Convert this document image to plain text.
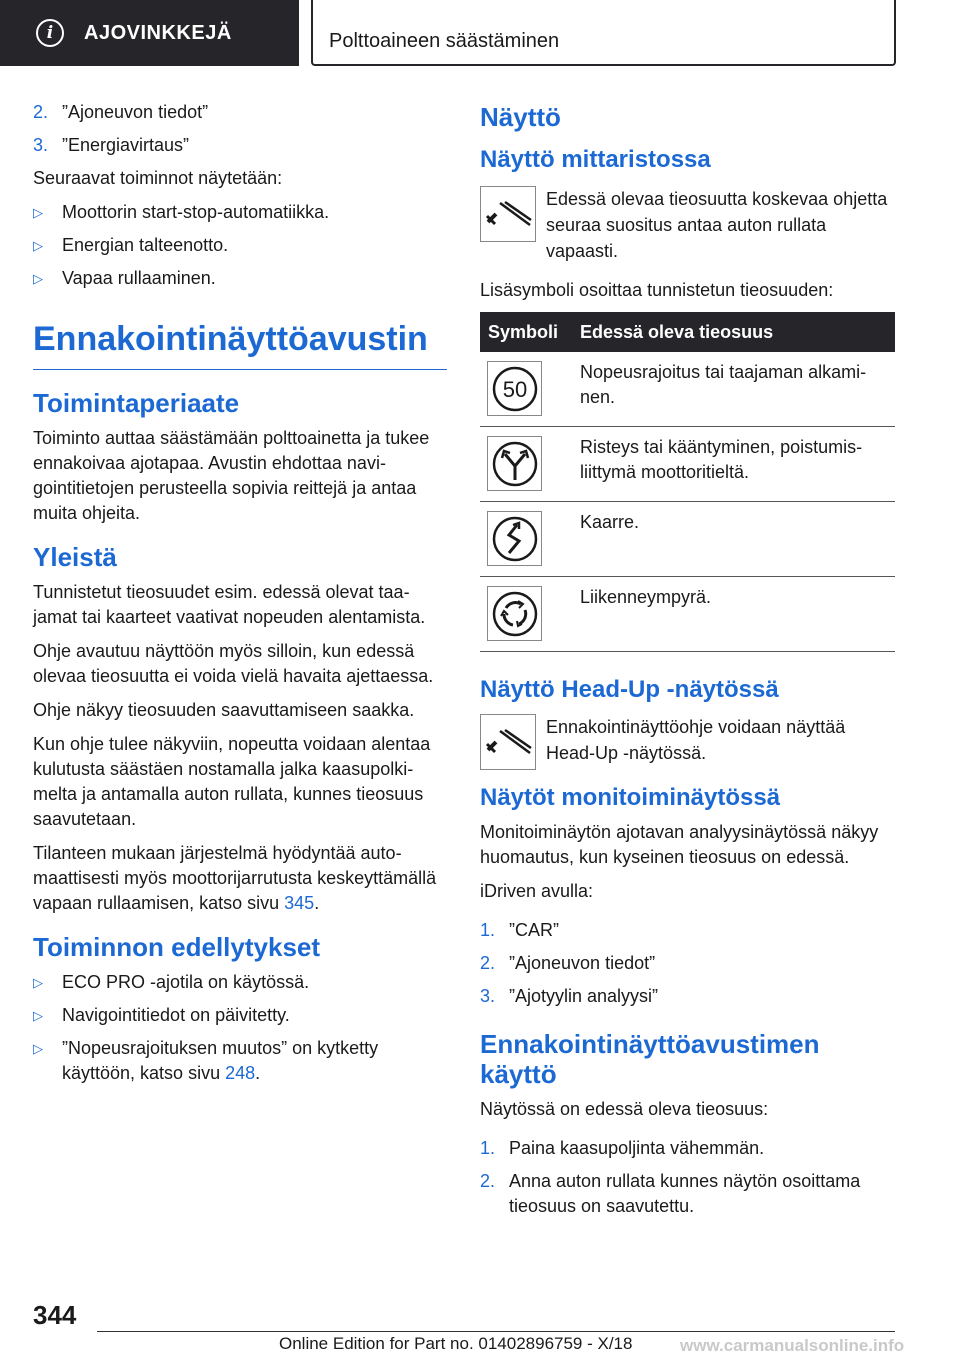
i	AJOVINKKEJÄ	Polttoaineen säästäminen
2. ”Ajoneuvon tiedot”
3. ”Energiavirtaus”

Seuraavat toiminnot näytetään:

▷	Moottorin start-stop-automatiikka.
▷	Energian talteenotto.
▷	Vapaa rullaaminen.
Ennakointinäyttöavustin
Toimintaperiaate

Toiminto auttaa säästämään polttoainetta ja tukee ennakoivaa ajotapaa. Avustin ehdottaa navigointitietojen perusteella sopivia reittejä ja antaa muita ohjeita.

Yleistä

Tunnistetut tieosuudet esim. edessä olevat taajamat tai kaarteet vaativat nopeuden alentamista.

Ohje avautuu näyttöön myös silloin, kun edessä olevaa tieosuutta ei voida vielä havaita ajettaessa.

Ohje näkyy tieosuuden saavuttamiseen saakka.

Kun ohje tulee näkyviin, nopeutta voidaan alentaa kulutusta säästäen nostamalla jalka kaasupolkimelta ja antamalla auton rullata, kunnes tieosuus saavutetaan.

Tilanteen mukaan järjestelmä hyödyntää automaattisesti myös moottorijarrutusta keskeyttämällä vapaan rullaamisen, katso sivu 345.

Toiminnon edellytykset
▷	ECO PRO -ajotila on käytössä.
▷	Navigointitiedot on päivitetty.
▷	”Nopeusrajoituksen muutos” on kytketty käyttöön, katso sivu 248.
Näyttö
Näyttö mittaristossa
Edessä olevaa tieosuutta koskevaa ohjetta seuraa suositus antaa auton rullata vapaasti.

Lisäsymboli osoittaa tunnistetun tieosuuden:

Symboli	Edessä oleva tieosuus
50
Nopeusrajoitus tai taajaman alkaminen.
Risteys tai kääntyminen, poistumisliittymä moottoritieltä.
Kaarre.
Liikenneympyrä.
Näyttö Head-Up -näytössä
Ennakointinäyttöohje voidaan näyttää Head-Up -näytössä.
Näytöt monitoiminäytössä

Monitoiminäytön ajotavan analyysinäytössä näkyy huomautus, kun kyseinen tieosuus on edessä.

iDriven avulla:

1. ”CAR”
2. ”Ajoneuvon tiedot”
3. ”Ajotyylin analyysi”
Ennakointinäyttöavustimen käyttö

Näytössä on edessä oleva tieosuus:

1. Paina kaasupoljinta vähemmän.
2. Anna auton rullata kunnes näytön osoittama tieosuus on saavutettu.
344
Online Edition for Part no. 01402896759 - X/18	www.carmanualsonline.info
